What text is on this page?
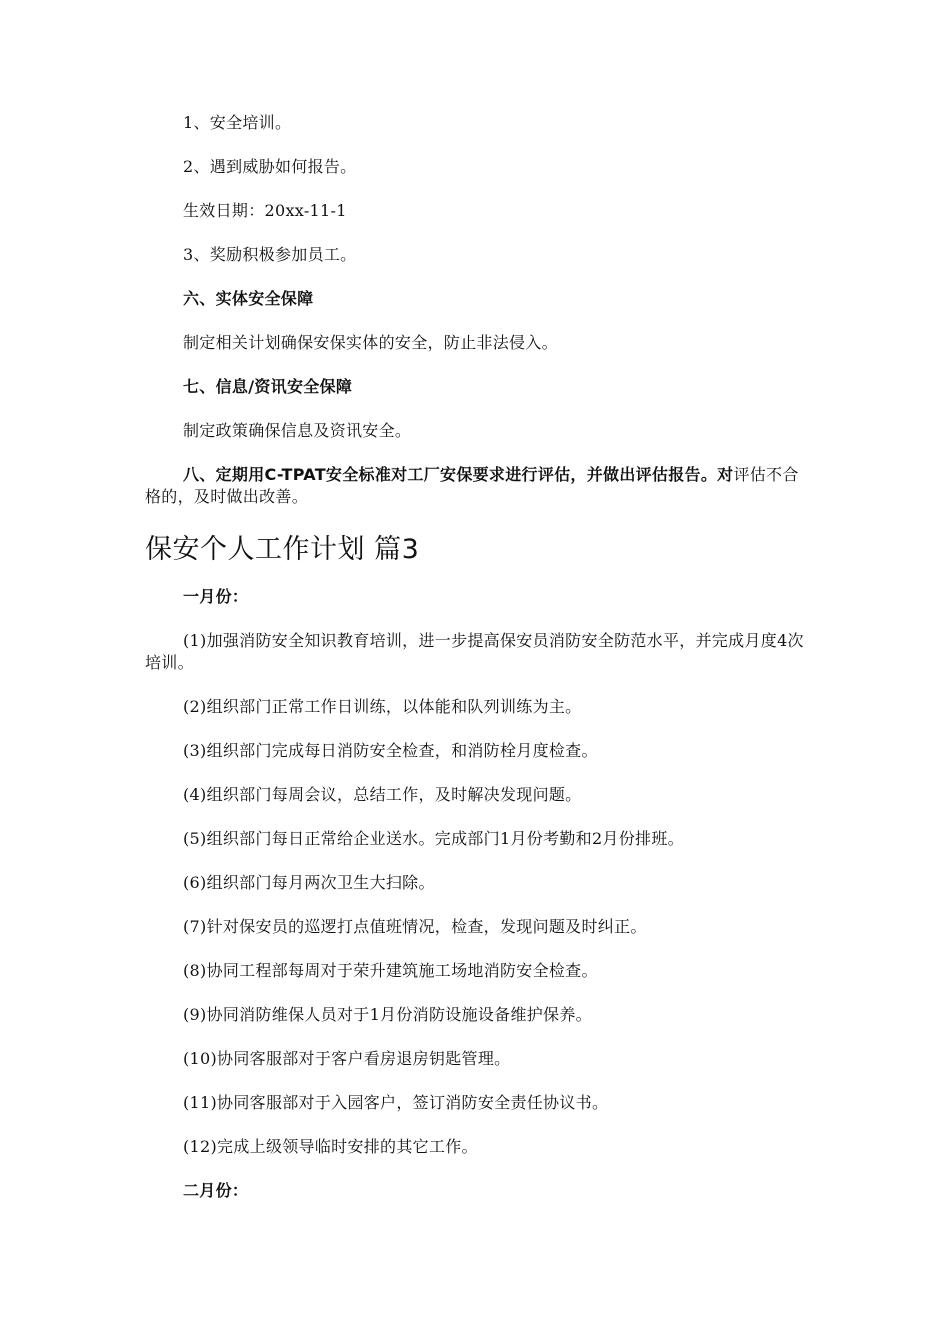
1、安全培训。

2、遇到威胁如何报告。

生效日期：20xx-11-1

3、奖励积极参加员工。

六、实体安全保障

制定相关计划确保安保实体的安全，防止非法侵入。

七、信息/资讯安全保障

制定政策确保信息及资讯安全。

八、定期用C-TPAT安全标准对工厂安保要求进行评估，并做出评估报告。对评估不合格的，及时做出改善。

保安个人工作计划 篇3

一月份：

(1)加强消防安全知识教育培训，进一步提高保安员消防安全防范水平，并完成月度4次培训。

(2)组织部门正常工作日训练，以体能和队列训练为主。

(3)组织部门完成每日消防安全检查，和消防栓月度检查。

(4)组织部门每周会议，总结工作，及时解决发现问题。

(5)组织部门每日正常给企业送水。完成部门1月份考勤和2月份排班。

(6)组织部门每月两次卫生大扫除。

(7)针对保安员的巡逻打点值班情况，检查，发现问题及时纠正。

(8)协同工程部每周对于荣升建筑施工场地消防安全检查。

(9)协同消防维保人员对于1月份消防设施设备维护保养。

(10)协同客服部对于客户看房退房钥匙管理。

(11)协同客服部对于入园客户，签订消防安全责任协议书。

(12)完成上级领导临时安排的其它工作。

二月份：
